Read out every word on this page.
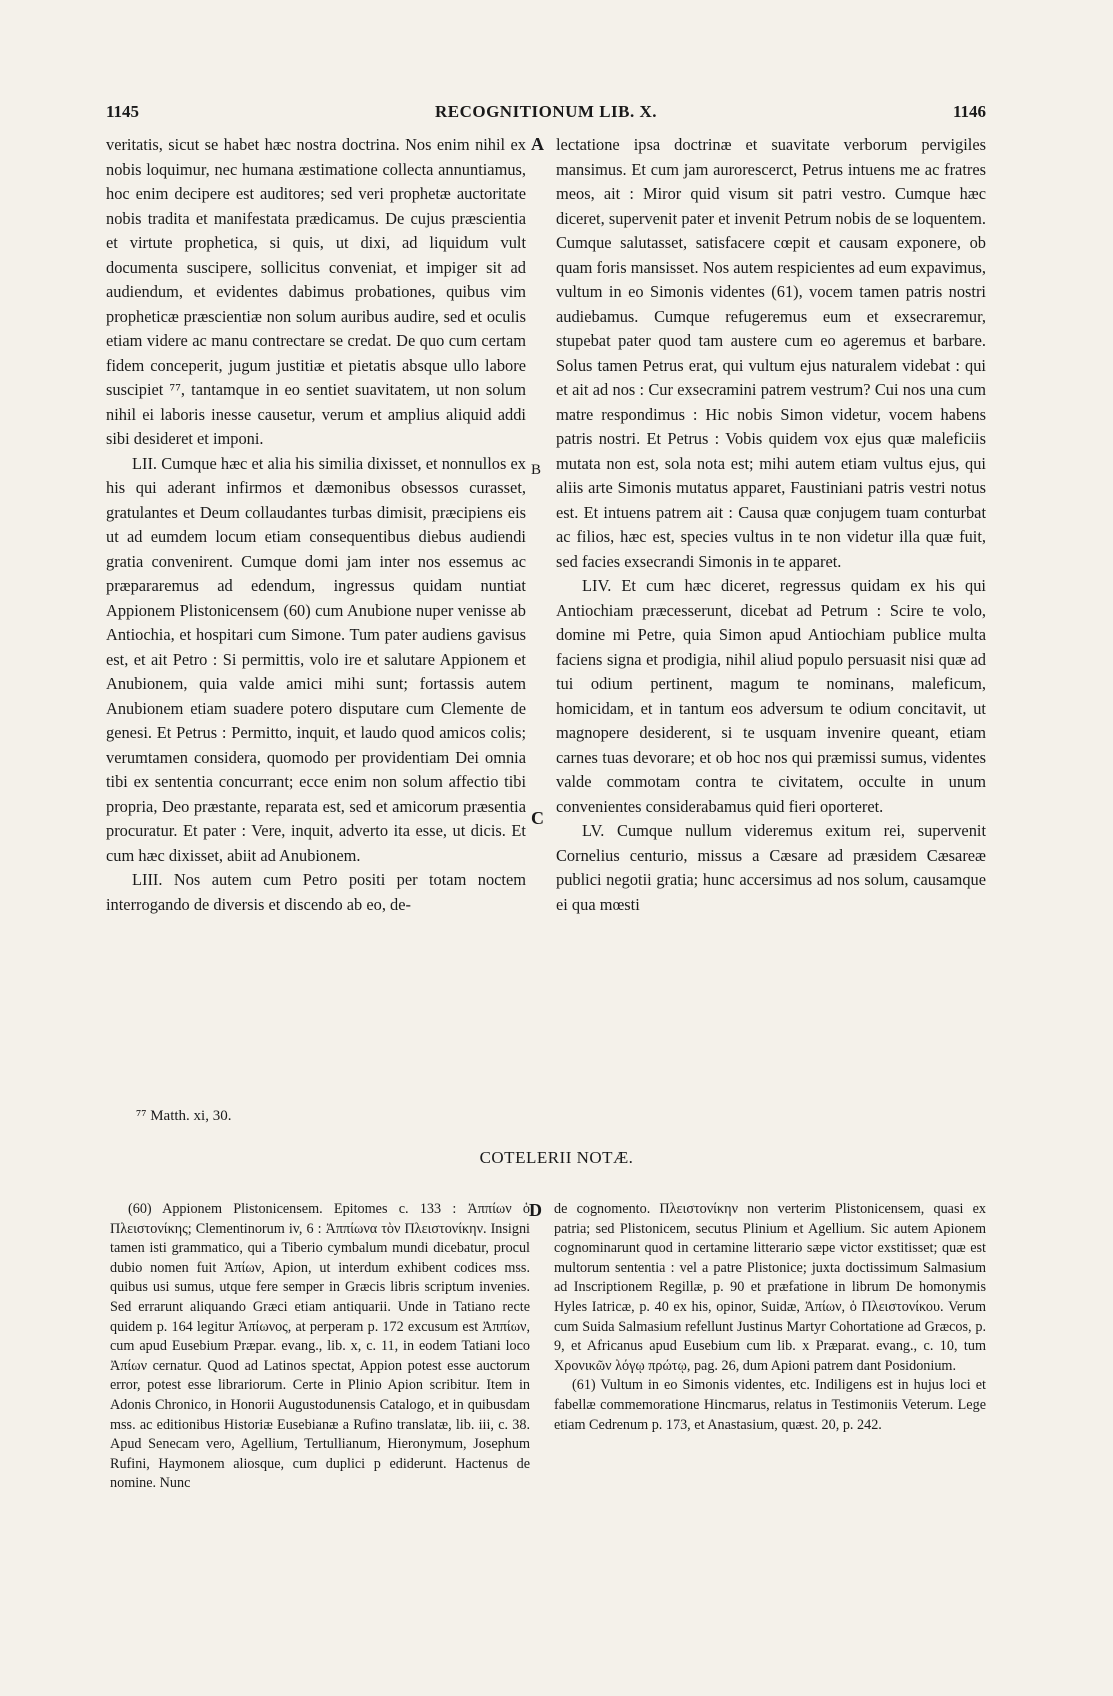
1145	RECOGNITIONUM LIB. X.	1146

veritatis, sicut se habet hæc nostra doctrina. Nos enim nihil ex nobis loquimur, nec humana æstimatione collecta annuntiamus, hoc enim decipere est auditores; sed veri prophetæ auctoritate nobis tradita et manifestata prædicamus. De cujus præscientia et virtute prophetica, si quis, ut dixi, ad liquidum vult documenta suscipere, sollicitus conveniat, et impiger sit ad audiendum, et evidentes dabimus probationes, quibus vim propheticæ præscientiæ non solum auribus audire, sed et oculis etiam videre ac manu contrectare se credat. De quo cum certam fidem conceperit, jugum justitiæ et pietatis absque ullo labore suscipiet ⁷⁷, tantamque in eo sentiet suavitatem, ut non solum nihil ei laboris inesse causetur, verum et amplius aliquid addi sibi desideret et imponi.

LII. Cumque hæc et alia his similia dixisset, et nonnullos ex his qui aderant infirmos et dæmonibus obsessos curasset, gratulantes et Deum collaudantes turbas dimisit, præcipiens eis ut ad eumdem locum etiam consequentibus diebus audiendi gratia convenirent. Cumque domi jam inter nos essemus ac præpararemus ad edendum, ingressus quidam nuntiat Appionem Plistonicensem (60) cum Anubione nuper venisse ab Antiochia, et hospitari cum Simone. Tum pater audiens gavisus est, et ait Petro : Si permittis, volo ire et salutare Appionem et Anubionem, quia valde amici mihi sunt; fortassis autem Anubionem etiam suadere potero disputare cum Clemente de genesi. Et Petrus : Permitto, inquit, et laudo quod amicos colis; verumtamen considera, quomodo per providentiam Dei omnia tibi ex sententia concurrant; ecce enim non solum affectio tibi propria, Deo præstante, reparata est, sed et amicorum præsentia procuratur. Et pater : Vere, inquit, adverto ita esse, ut dicis. Et cum hæc dixisset, abiit ad Anubionem.

LIII. Nos autem cum Petro positi per totam noctem interrogando de diversis et discendo ab eo, de-

A
B
C
D

lectatione ipsa doctrinæ et suavitate verborum pervigiles mansimus. Et cum jam aurorescerct, Petrus intuens me ac fratres meos, ait : Miror quid visum sit patri vestro. Cumque hæc diceret, supervenit pater et invenit Petrum nobis de se loquentem. Cumque salutasset, satisfacere cœpit et causam exponere, ob quam foris mansisset. Nos autem respicientes ad eum expavimus, vultum in eo Simonis videntes (61), vocem tamen patris nostri audiebamus. Cumque refugeremus eum et exsecraremur, stupebat pater quod tam austere cum eo ageremus et barbare. Solus tamen Petrus erat, qui vultum ejus naturalem videbat : qui et ait ad nos : Cur exsecramini patrem vestrum? Cui nos una cum matre respondimus : Hic nobis Simon videtur, vocem habens patris nostri. Et Petrus : Vobis quidem vox ejus quæ maleficiis mutata non est, sola nota est; mihi autem etiam vultus ejus, qui aliis arte Simonis mutatus apparet, Faustiniani patris vestri notus est. Et intuens patrem ait : Causa quæ conjugem tuam conturbat ac filios, hæc est, species vultus in te non videtur illa quæ fuit, sed facies exsecrandi Simonis in te apparet.

LIV. Et cum hæc diceret, regressus quidam ex his qui Antiochiam præcesserunt, dicebat ad Petrum : Scire te volo, domine mi Petre, quia Simon apud Antiochiam publice multa faciens signa et prodigia, nihil aliud populo persuasit nisi quæ ad tui odium pertinent, magum te nominans, maleficum, homicidam, et in tantum eos adversum te odium concitavit, ut magnopere desiderent, si te usquam invenire queant, etiam carnes tuas devorare; et ob hoc nos qui præmissi sumus, videntes valde commotam contra te civitatem, occulte in unum convenientes considerabamus quid fieri oporteret.

LV. Cumque nullum videremus exitum rei, supervenit Cornelius centurio, missus a Cæsare ad præsidem Cæsareæ publici negotii gratia; hunc accersimus ad nos solum, causamque ei qua mœsti

⁷⁷ Matth. xi, 30.
COTELERII NOTÆ.

(60) Appionem Plistonicensem. Epitomes c. 133 : Ἀππίων ὁ Πλειστονίκης; Clementinorum iv, 6 : Ἀππίωνα τὸν Πλειστονίκην. Insigni tamen isti grammatico, qui a Tiberio cymbalum mundi dicebatur, procul dubio nomen fuit Ἀπίων, Apion, ut interdum exhibent codices mss. quibus usi sumus, utque fere semper in Græcis libris scriptum invenies. Sed errarunt aliquando Græci etiam antiquarii. Unde in Tatiano recte quidem p. 164 legitur Ἀπίωνος, at perperam p. 172 excusum est Ἀππίων, cum apud Eusebium Præpar. evang., lib. x, c. 11, in eodem Tatiani loco Ἀπίων cernatur. Quod ad Latinos spectat, Appion potest esse auctorum error, potest esse librariorum. Certe in Plinio Apion scribitur. Item in Adonis Chronico, in Honorii Augustodunensis Catalogo, et in quibusdam mss. ac editionibus Historiæ Eusebianæ a Rufino translatæ, lib. iii, c. 38. Apud Senecam vero, Agellium, Tertullianum, Hieronymum, Josephum Rufini, Haymonem aliosque, cum duplici p ediderunt. Hactenus de nomine. Nunc

de cognomento. Πλειστονίκην non verterim Plistonicensem, quasi ex patria; sed Plistonicem, secutus Plinium et Agellium. Sic autem Apionem cognominarunt quod in certamine litterario sæpe victor exstitisset; quæ est multorum sententia : vel a patre Plistonice; juxta doctissimum Salmasium ad Inscriptionem Regillæ, p. 90 et præfatione in librum De homonymis Hyles Iatricæ, p. 40 ex his, opinor, Suidæ, Ἀπίων, ὁ Πλειστονίκου. Verum cum Suida Salmasium refellunt Justinus Martyr Cohortatione ad Græcos, p. 9, et Africanus apud Eusebium cum lib. x Præparat. evang., c. 10, tum Χρονικῶν λόγῳ πρώτῳ, pag. 26, dum Apioni patrem dant Posidonium.

(61) Vultum in eo Simonis videntes, etc. Indiligens est in hujus loci et fabellæ commemoratione Hincmarus, relatus in Testimoniis Veterum. Lege etiam Cedrenum p. 173, et Anastasium, quæst. 20, p. 242.
